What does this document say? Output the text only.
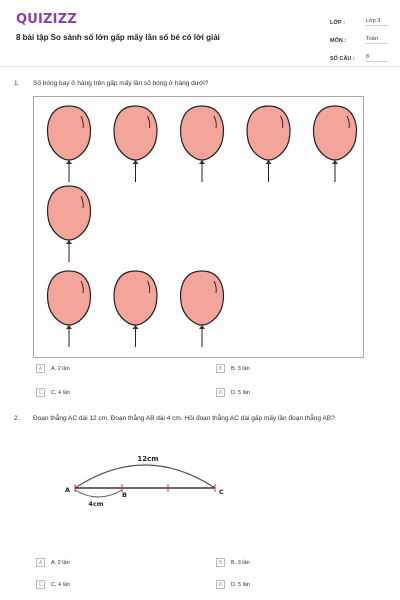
QUIZIZZ
8 bài tập So sánh số lớn gấp mấy lần số bé có lời giải
LỚP :	Lớp 3
MÔN :	Toán
SỐ CÂU : 8
1. Số bóng bay ở hàng trên gấp mấy lần số bóng ở hàng dưới?
A	A. 2 lần	B	B. 3 lần
C	C. 4 lần	D	D. 5 lần
2. Đoạn thẳng AC dài 12 cm. Đoạn thẳng AB dài 4 cm. Hỏi đoạn thẳng AC dài gấp mấy lần đoạn thẳng AB?
12cm
4cm
A
B	C
A	A. 2 lần	B	B. 3 lần
C	C. 4 lần	D	D. 5 lần
